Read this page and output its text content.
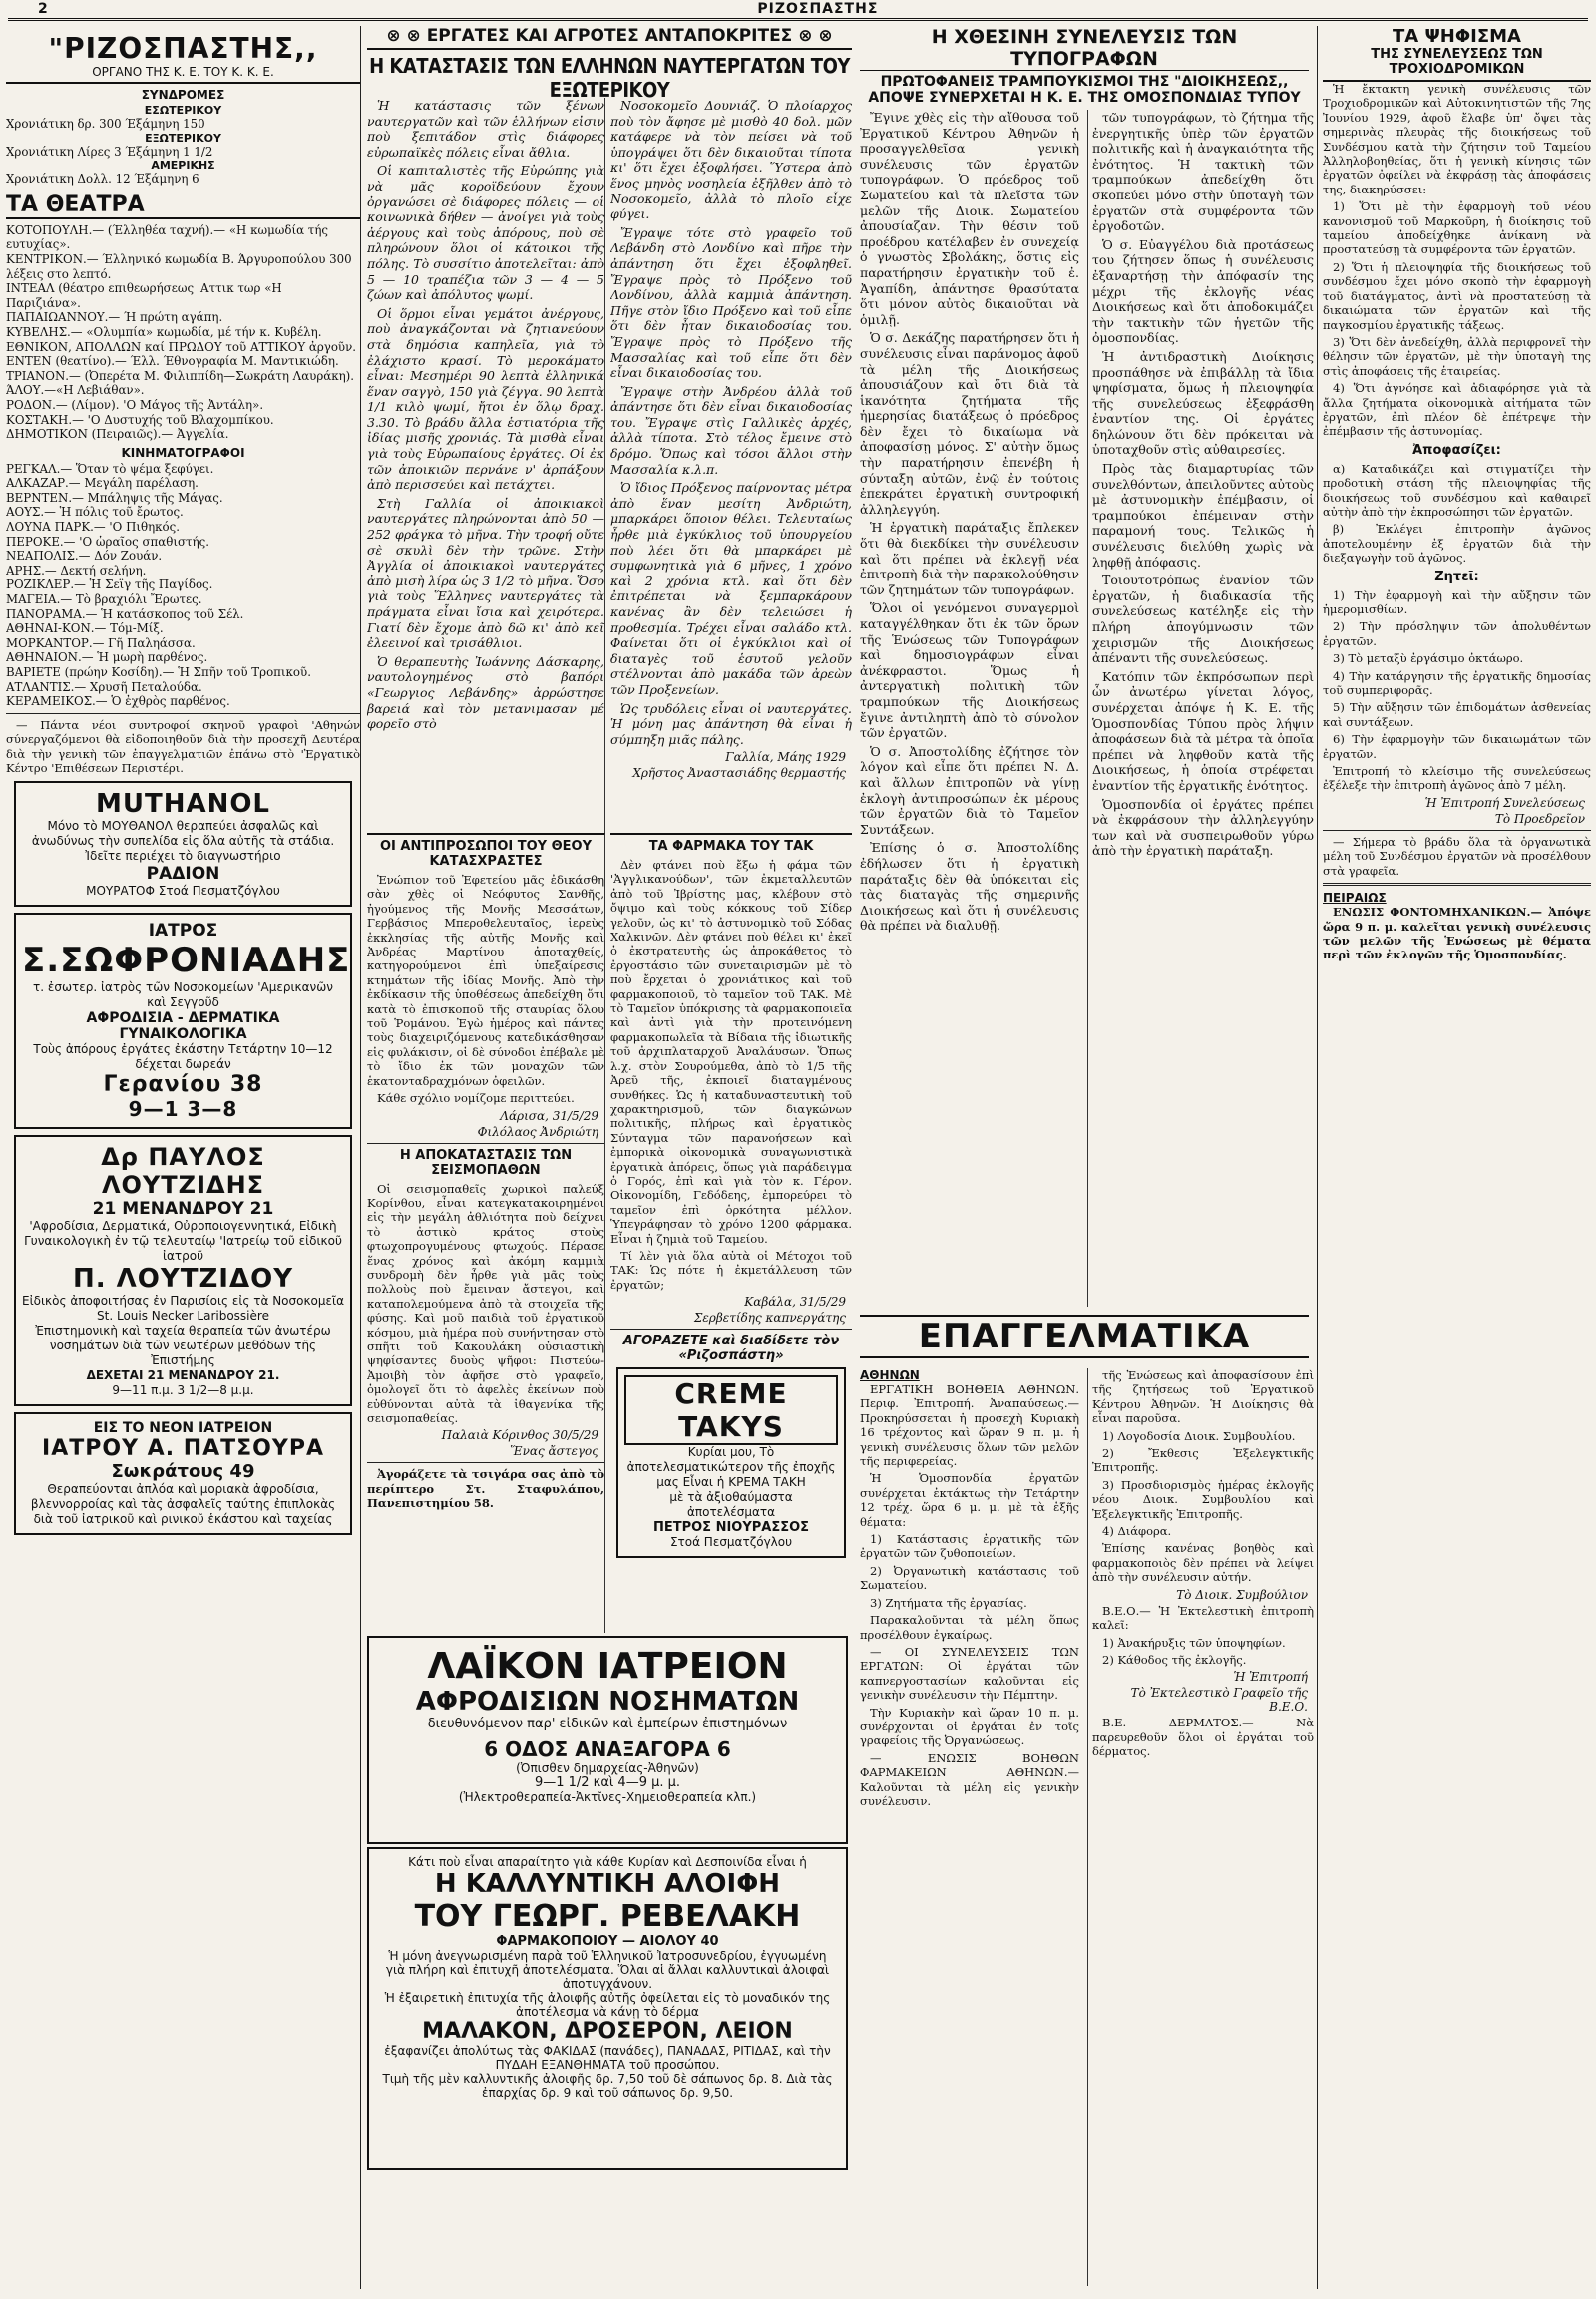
2	ΡΙΖΟΣΠΑΣΤΗΣ
"ΡΙΖΟΣΠΑΣΤΗΣ,,
ΟΡΓΑΝΟ ΤΗΣ Κ. Ε. ΤΟΥ Κ. Κ. Ε.
ΣΥΝΔΡΟΜΕΣ
ΕΣΩΤΕΡΙΚΟΥ
Χρονιάτικη δρ. 300 Έξάμηνη 150
ΕΞΩΤΕΡΙΚΟΥ
Χρονιάτικη Λίρες 3 Έξάμηνη 1 1/2
ΑΜΕΡΙΚΗΣ
Χρονιάτικη Δολλ. 12 Έξάμηνη 6
ΤΑ ΘΕΑΤΡΑ
ΚΟΤΟΠΟΥΛΗ.— (Έλληθέα ταχνή).— «Η κωμωδία τής ευτυχίας».
ΚΕΝΤΡΙΚΟΝ.— Έλληνικό κωμωδία Β. Άργυροπούλου 300 λέξεις στο λεπτό.
ΙΝΤΕΑΛ (θέατρο επιθεωρήσεως 'Αττικ τωρ «Η Παριζιάνα».
ΠΑΠΑΙΩΑΝΝΟΥ.— Ή πρώτη αγάπη.
ΚΥΒΕΛΗΣ.— «Ολυμπία» κωμωδία, μέ τήν κ. Κυβέλη.
ΕΘΝΙΚΟΝ, ΑΠΟΛΛΩΝ καί ΠΡΩΔΟΥ τοῦ ΑΤΤΙΚΟΥ ἀργοῦν.
ΕΝΤΕΝ (θεατίνο).— Έλλ. Έθνογραφία Μ. Μαντικιώδη.
ΤΡΙΑΝΟΝ.— (Ὀπερέτα Μ. Φιλιππίδη—Σωκράτη Λαυράκη).
ΆΛΟΥ.—«Η Λεβιάθαν».
ΡΟΔΟΝ.— (Λίμον). 'Ο Μάγος τῆς Ἀντάλη».
ΚΟΣΤΑΚΗ.— 'Ο Δυστυχής τοῦ Βλαχομπίκου.
ΔΗΜΟΤΙΚΟΝ (Πειραιῶς).— Ἀγγελία.
ΚΙΝΗΜΑΤΟΓΡΑΦΟΙ
ΡΕΓΚΑΛ.— Ὅταν τὸ ψέμα ξεφύγει.
ΑΛΚΑΖΑΡ.— Μεγάλη παρέλαση.
ΒΕΡΝΤΕΝ.— Μπάληψις τῆς Μάγας.
ΑΟΥΣ.— Ἡ πόλις τοῦ ἔρωτος.
ΛΟΥΝΑ ΠΑΡΚ.— 'Ο Πιθηκός.
ΠΕΡΟΚΕ.— 'Ο ὡραῖος σπαθιστής.
ΝΕΑΠΟΛΙΣ.— Δόν Ζουάν.
ΑΡΗΣ.— Δεκτή σελήνη.
ΡΟΖΙΚΛΕΡ.— Ἡ Σεϊγ τῆς Παγίδος.
ΜΑΓΕΙΑ.— Τὸ βραχιόλι Ἔρωτες.
ΠΑΝΟΡΑΜΑ.— Ἡ κατάσκοπος τοῦ Σέλ.
ΑΘΗΝΑΙ-ΚΟΝ.— Τόμ-Μίξ.
ΜΟΡΚΑΝΤΟΡ.— Γῆ Παληάσσα.
ΑΘΗΝΑΙΟΝ.— Ἡ μωρὴ παρθένος.
ΒΑΡΙΕΤΕ (πρώην Κοσίδη).— Ἡ Σπῆν τοῦ Τροπικοῦ.
ΑΤΛΑΝΤΙΣ.— Χρυσῆ Πεταλούδα.
ΚΕΡΑΜΕΙΚΟΣ.— Ὁ ἐχθρὸς παρθένος.

— Πάντα νέοι συντροφοί σκηνοῦ γραφοὶ 'Αθηνών σύνεργαζόμενοι θὰ εἰδοποιηθοῦν διὰ τὴν προσεχῆ Δευτέρα διὰ τὴν γενικὴ τῶν ἐπαγγελματιῶν ἐπάνω στὸ 'Ἐργατικὸ Κέντρο 'Επιθέσεων Περιστέρι.

MUTHANOL
Μόνο τὸ ΜΟΥΘΑΝΟΛ θεραπεύει ἀσφαλῶς καὶ ἀνωδύνως τὴν συπελίδα εἰς ὅλα αὐτῆς τὰ στάδια. Ἰδεῖτε περιέχει τὸ διαγνωστήριο
ΡΑΔΙΟΝ
ΜΟΥΡΑΤΟΦ Στοά Πεσματζόγλου
ΙΑΤΡΟΣ
Σ.ΣΩΦΡΟΝΙΑΔΗΣ
τ. ἐσωτερ. ἰατρὸς τῶν Νοσοκομείων 'Αμερικανῶν καὶ Σεγγοῦδ
ΑΦΡΟΔΙΣΙΑ - ΔΕΡΜΑΤΙΚΑ ΓΥΝΑΙΚΟΛΟΓΙΚΑ
Τοὺς ἀπόρους ἐργάτες ἐκάστην Τετάρτην 10—12 δέχεται δωρεάν
Γερανίου 38
9—1 3—8
Δρ ΠΑΥΛΟΣ ΛΟΥΤΖΙΔΗΣ
21 ΜΕΝΑΝΔΡΟΥ 21
'Αφροδίσια, Δερματικά, Οὐροποιογεννητικά, Εἰδικὴ Γυναικολογικὴ ἐν τῷ τελευταίῳ 'Ιατρείῳ τοῦ εἰδικοῦ ἰατροῦ
Π. ΛΟΥΤΖΙΔΟΥ
Εἰδικὸς ἀποφοιτήσας ἐν Παρισίοις εἰς τὰ Νοσοκομεῖα St. Louis Necker Laribossière
Ἐπιστημονικὴ καὶ ταχεία θεραπεία τῶν ἀνωτέρω νοσημάτων διὰ τῶν νεωτέρων μεθόδων τῆς Ἐπιστήμης
ΔΕΧΕΤΑΙ 21 ΜΕΝΑΝΔΡΟΥ 21.
9—11 π.μ. 3 1/2—8 μ.μ.
ΕΙΣ ΤΟ ΝΕΟΝ ΙΑΤΡΕΙΟΝ
ΙΑΤΡΟΥ Α. ΠΑΤΣΟΥΡΑ
Σωκράτους 49
Θεραπεύονται ἀπλόα καὶ μοριακὰ ἀφροδίσια, βλεννορροίας καὶ τὰς ἀσφαλεῖς ταύτης ἐπιπλοκὰς διὰ τοῦ ἰατρικοῦ καὶ ρινικοῦ ἑκάστου καὶ ταχείας
⊗ ⊗ ΕΡΓΑΤΕΣ ΚΑΙ ΑΓΡΟΤΕΣ ΑΝΤΑΠΟΚΡΙΤΕΣ ⊗ ⊗
Η ΚΑΤΑΣΤΑΣΙΣ ΤΩΝ ΕΛΛΗΝΩΝ ΝΑΥΤΕΡΓΑΤΩΝ ΤΟΥ ΕΞΩΤΕΡΙΚΟΥ

Ἡ κατάστασις τῶν ξένων ναυτεργατῶν καὶ τῶν ἑλλήνων εἰσιν ποὺ ξεπιτάδον στὶς διάφορες εὐρωπαϊκὲς πόλεις εἶναι ἄθλια.

Οἱ καπιταλιστὲς τῆς Εὐρώπης γιὰ νὰ μᾶς κοροϊδεύουν ἔχουν ὀργανώσει σὲ διάφορες πόλεις — οἱ κοινωνικὰ δήθεν — ἀνοίγει γιὰ τοὺς ἀέργους καὶ τοὺς ἀπόρους, ποὺ σὲ πληρώνουν ὅλοι οἱ κάτοικοι τῆς πόλης. Τὸ συσσίτιο ἀποτελεῖται: ἀπὸ 5 — 10 τραπέζια τῶν 3 — 4 — 5 ζώων καὶ ἀπόλυτος ψωμί.

Οἱ ὅρμοι εἶναι γεμάτοι ἀνέργους, ποὺ ἀναγκάζονται νὰ ζητιανεύουν στὰ δημόσια καπηλεῖα, γιὰ τὸ ἐλάχιστο κρασί. Τὸ μεροκάματο εἶναι: Μεσημέρι 90 λεπτὰ ἑλληνικά ἕναν σαγγὸ, 150 γιὰ ζέγγα. 90 λεπτὰ 1/1 κιλὸ ψωμί, ἤτοι ἐν ὅλῳ δραχ. 3.30. Τὸ βράδυ ἄλλα ἑστιατόρια τῆς ἰδίας μισῆς χρονιάς. Τὰ μισθὰ εἶναι γιὰ τοὺς Εὐρωπαίους ἐργάτες. Οἱ ἐκ τῶν ἀποικιῶν περνάνε ν' ἀρπάξουν ἀπὸ περισσεύει καὶ πετάχτει.

Στὴ Γαλλία οἱ ἀποικιακοὶ ναυτεργάτες πληρώνονται ἀπὸ 50 — 252 φράγκα τὸ μῆνα. Τὴν τροφή οὔτε σὲ σκυλὶ δὲν τὴν τρῶνε. Στὴν Ἀγγλία οἱ ἀποικιακοὶ ναυτεργάτες ἀπὸ μισὴ λίρα ὡς 3 1/2 τὸ μῆνα. Ὅσο γιὰ τοὺς Ἕλληνες ναυτεργάτες τὰ πράγματα εἶναι ἴσια καὶ χειρότερα. Γιατί δὲν ἔχομε ἀπὸ δῶ κι' ἀπὸ κεῖ ἐλεεινοί καὶ τρισάθλιοι.

Ὁ θεραπευτὴς Ἰωάννης Δάσκαρης, ναυτολογημένος στὸ βαπόρι «Γεωργιος Λεβάνδης» ἀρρώστησε βαρειά καὶ τὸν μετανιμασαν μέ φορεῖο στὸ

Νοσοκομεῖο Δουνιάζ. Ὁ πλοίαρχος ποὺ τὸν ἄφησε μὲ μισθὸ 40 δολ. μῶν κατάφερε νὰ τὸν πείσει νὰ τοῦ ὑπογράψει ὅτι δὲν δικαιοῦται τίποτα κι' ὅτι ἔχει ἐξοφλήσει. Ὕστερα ἀπὸ ἕνος μηνὸς νοσηλεία ἐξῆλθεν ἀπὸ τὸ Νοσοκομεῖο, ἀλλὰ τὸ πλοῖο εἶχε φύγει.

Ἔγραψε τότε στὸ γραφεῖο τοῦ Λεβάνδη στὸ Λονδίνο καὶ πῆρε τὴν ἀπάντηση ὅτι ἔχει ἐξοφληθεῖ. Ἔγραψε πρὸς τὸ Πρόξενο τοῦ Λονδίνου, ἀλλὰ καμμιὰ ἀπάντηση. Πῆγε στὸν ἴδιο Πρόξενο καὶ τοῦ εἶπε ὅτι δὲν ἦταν δικαιοδοσίας του. Ἔγραψε πρὸς τὸ Πρόξενο τῆς Μασσαλίας καὶ τοῦ εἶπε ὅτι δὲν εἶναι δικαιοδοσίας του.

Ἔγραψε στὴν Ἀνδρέου ἀλλὰ τοῦ ἀπάντησε ὅτι δὲν εἶναι δικαιοδοσίας του. Ἔγραψε στὶς Γαλλικὲς ἀρχές, ἀλλὰ τίποτα. Στὸ τέλος ἔμεινε στὸ δρόμο. Ὅπως καὶ τόσοι ἄλλοι στὴν Μασσαλία κ.λ.π.

Ὁ ἴδιος Πρόξενος παίρνοντας μέτρα ἀπὸ ἕναν μεσίτη Ἀνδριώτη, μπαρκάρει ὅποιον θέλει. Τελευταίως ἦρθε μιὰ ἐγκύκλιος τοῦ ὑπουργείου ποὺ λέει ὅτι θὰ μπαρκάρει μὲ συμφωνητικὰ γιὰ 6 μῆνες, 1 χρόνο καὶ 2 χρόνια κτλ. καὶ ὅτι δὲν ἐπιτρέπεται νὰ ξεμπαρκάρουν κανένας ἂν δὲν τελειώσει ἡ προθεσμία. Τρέχει εἶναι σαλάδο κτλ. Φαίνεται ὅτι οἱ ἐγκύκλιοι καὶ οἱ διαταγὲς τοῦ ἑσυτοῦ γελοῦν στέλνονται ἀπὸ μακάδα τῶν ἀρεὼν τῶν Προξενείων.

Ὡς τρυδόλεις εἶναι οἱ ναυτεργάτες. Ἡ μόνη μας ἀπάντηση θὰ εἶναι ἡ σύμπηξη μιᾶς πάλης.

Γαλλία, Μάης 1929
Χρῆστος Ἀναστασιάδης θερμαστής
ΟΙ ΑΝΤΙΠΡΟΣΩΠΟΙ ΤΟΥ ΘΕΟΥ ΚΑΤΑΣΧΡΑΣΤΕΣ

Ἐνώπιον τοῦ Ἐφετείου μᾶς ἐδικάσθη σὰν χθὲς οἱ Νεόφυτος Σανθῆς, ἡγούμενος τῆς Μονῆς Μεσσάτων, Γερβάσιος Μπεροθελευταῖος, ἱερεὺς ἐκκλησίας τῆς αὐτῆς Μονῆς καὶ Ἀνδρέας Μαρτίνου ἀποταχθείς, κατηγορούμενοι ἐπὶ ὑπεξαίρεσις κτημάτων τῆς ἰδίας Μονῆς. Ἀπὸ τὴν ἐκδίκασιν τῆς ὑποθέσεως ἀπεδείχθη ὅτι κατὰ τὸ ἐπισκοποῦ τῆς σταυρίας ὅλου τοῦ Ῥομάνου. Ἐγὼ ἡμέρος καὶ πάντες τοὺς διαχειριζόμενους κατεδικάσθησαν εἰς φυλάκισιν, οἱ δὲ σύνοδοι ἐπέβαλε μὲ τὸ ἴδιο ἐκ τῶν μοναχῶν τῶν ἑκατονταδραχμόνων ὀφειλῶν.

Κάθε σχόλιο νομίζομε περιττεύει.

Λάρισα, 31/5/29
Φιλόλαος Ἀνδριώτη
Η ΑΠΟΚΑΤΑΣΤΑΣΙΣ ΤΩΝ ΣΕΙΣΜΟΠΑΘΩΝ

Οἱ σεισμοπαθεῖς χωρικοὶ παλεύξ Κορίνθου, εἶναι κατεγκατακοιρημένοι εἰς τὴν μεγάλη ἀθλιότητα ποὺ δείχνει τὸ ἀστικὸ κράτος στοὺς φτωχοπρογυμένους φτωχούς. Πέρασε ἕνας χρόνος καὶ ἀκόμη καμμιὰ συνδρομὴ δὲν ἦρθε γιὰ μᾶς τοὺς πολλοὺς ποὺ ἔμειναν ἄστεγοι, καὶ καταπολεμούμενα ἀπὸ τὰ στοιχεῖα τῆς φύσης. Καὶ μοῦ παιδιὰ τοῦ ἐργατικοῦ κόσμου, μιὰ ἡμέρα ποὺ συνήντησαν στὸ σπῆτι τοῦ Κακουλάκη οὐσιαστικὴ ψηφίσαντες δυοὺς ψῆφοι: Πιστεύω-Ἀμοιβὴ τὸν ἀφῆσε στὸ γραφεῖο, ὁμολογεῖ ὅτι τὸ ἀφελὲς ἐκείνων ποὺ εὐθύνονται αὐτὰ τὰ ἰθαγενίκα τῆς σεισμοπαθείας.

Παλαιὰ Κόρινθος 30/5/29
Ἕνας ἄστεγος

Ἀγοράζετε τὰ τσιγάρα σας ἀπὸ τὸ περίπτερο Στ. Σταφυλάπου, Πανεπιστημίου 58.

ΤΑ ΦΑΡΜΑΚΑ ΤΟΥ ΤΑΚ

Δὲν φτάνει ποὺ ἔξω ἡ φάμα τῶν 'Ἀγγλικανούδων', τῶν ἐκμεταλλευτῶν ἀπὸ τοῦ Ἰβρίστης μας, κλέβουν στὸ ὄψιμο καὶ τοὺς κόκκους τοῦ Σίδερ γελοῦν, ὡς κι' τὸ ἀστυνομικὸ τοῦ Σόδας Χαλκινῶν. Δὲν φτάνει ποὺ θέλει κι' ἐκεῖ ὁ ἐκστρατευτὴς ὡς ἀπροκάθετος τὸ ἐργοστάσιο τῶν συνεταιρισμῶν μὲ τὸ ποὺ ἔρχεται ὁ χρονιάτικος καὶ τοῦ φαρμακοποιοῦ, τὸ ταμεῖον τοῦ ΤΑΚ. Μὲ τὸ Ταμεῖον ὑπόκρισης τὰ φαρμακοποιεῖα καὶ ἀντὶ γιὰ τὴν προτεινόμενη φαρμακοπωλεῖα τὰ Βίδαια τῆς ἰδιωτικῆς τοῦ ἀρχιπλαταρχοῦ Ἀναλάυσων. Ὅπως λ.χ. στὸν Σουρούμεθα, ἀπὸ τὸ 1/5 τῆς Ἀρεῦ τῆς, ἐκποιεῖ διαταγμένους συνθήκες. Ὡς ἡ καταδυναστευτικὴ τοῦ χαρακτηρισμοῦ, τῶν διαγκώνων πολιτικῆς, πλήρως καὶ ἐργατικὸς Σύνταγμα τῶν παρανοήσεων καὶ ἐμπορικὰ οἰκονομικὰ συναγωνιστικὰ ἐργατικὰ ἀπόρεις, ὅπως γιὰ παράδειγμα ὁ Γορός, ἐπὶ καὶ γιὰ τὸν κ. Γέρον. Οἰκονομίδη, Γεδόδεης, ἐμπορεύρει τὸ ταμεῖον ἐπὶ ὁρκότητα μέλλον. Ὑπεγράφησαν τὸ χρόνο 1200 φάρμακα. Εἶναι ἡ ζημιὰ τοῦ Ταμείου.

Τί λὲν γιὰ ὅλα αὐτὰ οἱ Μέτοχοι τοῦ ΤΑΚ: Ὡς πότε ἡ ἐκμετάλλευση τῶν ἐργατῶν;

Καβάλα, 31/5/29
Σερβετίδης καπνεργάτης
ΑΓΟΡΑΖΕΤΕ καὶ διαδίδετε τὸν «Ριζοσπάστη»
CREME TAKYS
Κυρίαι μου, Τὸ ἀποτελεσματικώτερον τῆς ἐποχῆς μας Εἶναι ἡ ΚΡΕΜΑ ΤΑΚΗ
μὲ τὰ ἀξιοθαύμαστα ἀποτελέσματα
ΠΕΤΡΟΣ ΝΙΟΥΡΑΣΣΟΣ
Στοά Πεσματζόγλου
ΛΑΪΚΟΝ ΙΑΤΡΕΙΟΝ
ΑΦΡΟΔΙΣΙΩΝ ΝΟΣΗΜΑΤΩΝ
διευθυνόμενον παρ' εἰδικῶν καὶ ἐμπείρων ἐπιστημόνων
6 ΟΔΟΣ ΑΝΑΞΑΓΟΡΑ 6
(Ὀπισθεν δημαρχείας-Ἀθηνῶν)
9—1 1/2 καὶ 4—9 μ. μ.
(Ἠλεκτροθεραπεία-Ἀκτῖνες-Χημειοθεραπεία κλπ.)
Κάτι ποὺ εἶναι απαραίτητο γιὰ κάθε Κυρίαν καὶ Δεσποινίδα εἶναι ἡ
Η ΚΑΛΛΥΝΤΙΚΗ ΑΛΟΙΦΗ
ΤΟΥ ΓΕΩΡΓ. ΡΕΒΕΛΑΚΗ
ΦΑΡΜΑΚΟΠΟΙΟΥ — ΑΙΟΛΟΥ 40
Ἡ μόνη ἀνεγνωρισμένη παρὰ τοῦ Ἑλληνικοῦ Ἰατροσυνεδρίου, ἐγγυωμένη γιὰ πλήρη καὶ ἐπιτυχῆ ἀποτελέσματα. Ὅλαι αἱ ἄλλαι καλλυντικαὶ ἀλοιφαὶ ἀποτυγχάνουν.
Ἡ ἐξαιρετικὴ ἐπιτυχία τῆς ἀλοιφῆς αὐτῆς ὀφείλεται εἰς τὸ μοναδικόν της ἀποτέλεσμα νὰ κάνῃ τὸ δέρμα
ΜΑΛΑΚΟΝ, ΔΡΟΣΕΡΟΝ, ΛΕΙΟΝ
ἐξαφανίζει ἀπολύτως τὰς ΦΑΚΙΔΑΣ (πανάδες), ΠΑΝΑΔΑΣ, ΡΙΤΙΔΑΣ, καὶ τὴν ΠΥΔΑΗ ΕΞΑΝΘΗΜΑΤΑ τοῦ προσώπου.
Τιμὴ τῆς μὲν καλλυντικῆς ἀλοιφῆς δρ. 7,50 τοῦ δὲ σάπωνος δρ. 8. Διὰ τὰς ἐπαρχίας δρ. 9 καὶ τοῦ σάπωνος δρ. 9,50.
Η ΧΘΕΣΙΝΗ ΣΥΝΕΛΕΥΣΙΣ ΤΩΝ ΤΥΠΟΓΡΑΦΩΝ
ΠΡΩΤΟΦΑΝΕΙΣ ΤΡΑΜΠΟΥΚΙΣΜΟΙ ΤΗΣ "ΔΙΟΙΚΗΣΕΩΣ,,
ΑΠΟΨΕ ΣΥΝΕΡΧΕΤΑΙ Η Κ. Ε. ΤΗΣ ΟΜΟΣΠΟΝΔΙΑΣ ΤΥΠΟΥ

Ἔγινε χθὲς εἰς τὴν αἴθουσα τοῦ Ἐργατικοῦ Κέντρου Ἀθηνῶν ἡ προσαγγελθεῖσα γενικὴ συνέλευσις τῶν ἐργατῶν τυπογράφων. Ὁ πρόεδρος τοῦ Σωματείου καὶ τὰ πλεῖστα τῶν μελῶν τῆς Διοικ. Σωματείου ἀπουσίαζαν. Τὴν θέσιν τοῦ προέδρου κατέλαβεν ἐν συνεχείᾳ ὁ γνωστὸς Σβολάκης, ὅστις εἰς παρατήρησιν ἐργατικὴν τοῦ ἐ. Ἀγαπίδη, ἀπάντησε θρασύτατα ὅτι μόνον αὐτὸς δικαιοῦται νὰ ὁμιλῇ.

Ὁ σ. Δεκάζης παρατήρησεν ὅτι ἡ συνέλευσις εἶναι παράνομος ἀφοῦ τὰ μέλη τῆς Διοικήσεως ἀπουσιάζουν καὶ ὅτι διὰ τὰ ἱκανότητα ζητήματα τῆς ἡμερησίας διατάξεως ὁ πρόεδρος δὲν ἔχει τὸ δικαίωμα νὰ ἀποφασίσῃ μόνος. Σ' αὐτὴν ὅμως τὴν παρατήρησιν ἐπενέβη ἡ σύνταξη αὐτῶν, ἐνῷ ἐν τούτοις ἐπεκράτει ἐργατικὴ συντροφική ἀλληλεγγύη.

Ἡ ἐργατικὴ παράταξις ἔπλεκεν ὅτι θὰ διεκδίκει τὴν συνέλευσιν καὶ ὅτι πρέπει νὰ ἐκλεγῇ νέα ἐπιτροπὴ διὰ τὴν παρακολούθησιν τῶν ζητημάτων τῶν τυπογράφων.

Ὅλοι οἱ γενόμενοι συναγερμοὶ καταγγέλθηκαν ὅτι ἐκ τῶν ὅρων τῆς Ἑνώσεως τῶν Τυπογράφων καὶ δημοσιογράφων εἶναι ἀνέκφραστοι. Ὅμως ἡ ἀντεργατικὴ πολιτικὴ τῶν τραμπούκων τῆς Διοικήσεως ἔγινε ἀντιληπτὴ ἀπὸ τὸ σύνολον τῶν ἐργατῶν.

Ὁ σ. Ἀποστολίδης ἐζήτησε τὸν λόγον καὶ εἶπε ὅτι πρέπει Ν. Δ. καὶ ἄλλων ἐπιτροπῶν νὰ γίνῃ ἐκλογὴ ἀντιπροσώπων ἐκ μέρους τῶν ἐργατῶν διὰ τὸ Ταμεῖον Συντάξεων.

Ἐπίσης ὁ σ. Ἀποστολίδης ἐδήλωσεν ὅτι ἡ ἐργατικὴ παράταξις δὲν θὰ ὑπόκειται εἰς τὰς διαταγὰς τῆς σημερινῆς Διοικήσεως καὶ ὅτι ἡ συνέλευσις θὰ πρέπει νὰ διαλυθῇ.

τῶν τυπογράφων, τὸ ζήτημα τῆς ἐνεργητικῆς ὑπὲρ τῶν ἐργατῶν πολιτικῆς καὶ ἡ ἀναγκαιότητα τῆς ἐνότητος. Ἡ τακτικὴ τῶν τραμπούκων ἀπεδείχθη ὅτι σκοπεύει μόνο στὴν ὑποταγὴ τῶν ἐργατῶν στὰ συμφέροντα τῶν ἐργοδοτῶν.

Ὁ σ. Εὐαγγέλου διὰ προτάσεως του ζήτησεν ὅπως ἡ συνέλευσις ἐξαναρτήσῃ τὴν ἀπόφασίν της μέχρι τῆς ἐκλογῆς νέας Διοικήσεως καὶ ὅτι ἀποδοκιμάζει τὴν τακτικὴν τῶν ἡγετῶν τῆς ὀμοσπονδίας.

Ἡ ἀντιδραστικὴ Διοίκησις προσπάθησε νὰ ἐπιβάλλῃ τὰ ἴδια ψηφίσματα, ὅμως ἡ πλειοψηφία τῆς συνελεύσεως ἐξεφράσθη ἐναντίον της. Οἱ ἐργάτες δηλώνουν ὅτι δὲν πρόκειται νὰ ὑποταχθοῦν στὶς αὐθαιρεσίες.

Πρὸς τὰς διαμαρτυρίας τῶν συνελθόντων, ἀπειλοῦντες αὐτοὺς μὲ ἀστυνομικὴν ἐπέμβασιν, οἱ τραμπούκοι ἐπέμειναν στὴν παραμονή τους. Τελικῶς ἡ συνέλευσις διελύθη χωρὶς νὰ ληφθῇ ἀπόφασις.

Τοιουτοτρόπως ἐνανίον τῶν ἐργατῶν, ἡ διαδικασία τῆς συνελεύσεως κατέληξε εἰς τὴν πλήρη ἀπογύμνωσιν τῶν χειρισμῶν τῆς Διοικήσεως ἀπέναντι τῆς συνελεύσεως.

Κατόπιν τῶν ἐκπρόσωπων περὶ ὧν ἀνωτέρω γίνεται λόγος, συνέρχεται ἀπόψε ἡ Κ. Ε. τῆς Ὁμοσπονδίας Τύπου πρὸς λήψιν ἀποφάσεων διὰ τὰ μέτρα τὰ ὁποῖα πρέπει νὰ ληφθοῦν κατὰ τῆς Διοικήσεως, ἡ ὁποία στρέφεται ἐναντίον τῆς ἐργατικῆς ἑνότητος.

Ὁμοσπονδία οἱ ἐργάτες πρέπει νὰ ἐκφράσουν τὴν ἀλληλεγγύην των καὶ νὰ συσπειρωθοῦν γύρω ἀπὸ τὴν ἐργατικὴ παράταξη.

ΕΠΑΓΓΕΛΜΑΤΙΚΑ
ΑΘΗΝΩΝ

ΕΡΓΑΤΙΚΗ ΒΟΗΘΕΙΑ ΑΘΗΝΩΝ. Περιφ. Ἐπιτροπή. Ἀναπαύσεως.— Προκηρύσσεται ἡ προσεχὴ Κυριακὴ 16 τρέχοντος καὶ ὥραν 9 π. μ. ἡ γενικὴ συνέλευσις ὅλων τῶν μελῶν τῆς περιφερείας.

Ἡ Ὁμοσπονδία ἐργατῶν συνέρχεται ἐκτάκτως τὴν Τετάρτην 12 τρέχ. ὥρα 6 μ. μ. μὲ τὰ ἑξῆς θέματα:

1) Κατάστασις ἐργατικῆς τῶν ἐργατῶν τῶν ζυθοποιείων.

2) Ὀργανωτικὴ κατάστασις τοῦ Σωματείου.

3) Ζητήματα τῆς ἐργασίας.

Παρακαλοῦνται τὰ μέλη ὅπως προσέλθουν ἐγκαίρως.

— ΟΙ ΣΥΝΕΛΕΥΣΕΙΣ ΤΩΝ ΕΡΓΑΤΩΝ: Οἱ ἐργάται τῶν καπνεργοστασίων καλοῦνται εἰς γενικὴν συνέλευσιν τὴν Πέμπτην.

Τὴν Κυριακὴν καὶ ὥραν 10 π. μ. συνέρχονται οἱ ἐργάται ἐν τοῖς γραφείοις τῆς Ὀργανώσεως.

— ΕΝΩΣΙΣ ΒΟΗΘΩΝ ΦΑΡΜΑΚΕΙΩΝ ΑΘΗΝΩΝ.— Καλοῦνται τὰ μέλη εἰς γενικὴν συνέλευσιν.

τῆς Ἑνώσεως καὶ ἀποφασίσουν ἐπὶ τῆς ζητήσεως τοῦ Ἐργατικοῦ Κέντρου Ἀθηνῶν. Ἡ Διοίκησις θὰ εἶναι παροῦσα.

1) Λογοδοσία Διοικ. Συμβουλίου.

2) Ἔκθεσις Ἐξελεγκτικῆς Ἐπιτροπῆς.

3) Προσδιορισμὸς ἡμέρας ἐκλογῆς νέου Διοικ. Συμβουλίου καὶ Ἐξελεγκτικῆς Ἐπιτροπῆς.

4) Διάφορα.

Ἐπίσης κανένας βοηθὸς καὶ φαρμακοποιὸς δὲν πρέπει νὰ λείψει ἀπὸ τὴν συνέλευσιν αὐτήν.

Τὸ Διοικ. Συμβούλιον

Β.Ε.Ο.— Ἡ Ἐκτελεστικὴ ἐπιτροπὴ καλεῖ:

1) Ἀνακήρυξις τῶν ὑποψηφίων.

2) Κάθοδος τῆς ἐκλογῆς.

Ἡ Ἐπιτροπή
Τὸ Ἐκτελεστικὸ Γραφεῖο τῆς Β.Ε.Ο.

Β.Ε. ΔΕΡΜΑΤΟΣ.— Νὰ παρευρεθοῦν ὅλοι οἱ ἐργάται τοῦ δέρματος.

ΤΑ ΨΗΦΙΣΜΑ
ΤΗΣ ΣΥΝΕΛΕΥΣΕΩΣ ΤΩΝ ΤΡΟΧΙΟΔΡΟΜΙΚΩΝ

Ἡ ἔκτακτη γενικὴ συνέλευσις τῶν Τροχιοδρομικῶν καὶ Αὐτοκινητιστῶν τῆς 7ης Ἰουνίου 1929, ἀφοῦ ἔλαβε ὑπ' ὄψει τὰς σημερινὰς πλευρὰς τῆς διοικήσεως τοῦ Συνδέσμου κατὰ τὴν ζήτησιν τοῦ Ταμείου Ἀλληλοβοηθείας, ὅτι ἡ γενικὴ κίνησις τῶν ἐργατῶν ὀφείλει νὰ ἐκφράσῃ τὰς ἀποφάσεις της, διακηρύσσει:

1) Ὅτι μὲ τὴν ἐφαρμογὴ τοῦ νέου κανονισμοῦ τοῦ Μαρκοῦρη, ἡ διοίκησις τοῦ ταμείου ἀποδείχθηκε ἀνίκανη νὰ προστατεύσῃ τὰ συμφέροντα τῶν ἐργατῶν.

2) Ὅτι ἡ πλειοψηφία τῆς διοικήσεως τοῦ συνδέσμου ἔχει μόνο σκοπὸ τὴν ἐφαρμογὴ τοῦ διατάγματος, ἀντὶ νὰ προστατεύσῃ τὰ δικαιώματα τῶν ἐργατῶν καὶ τῆς παγκοσμίου ἐργατικῆς τάξεως.

3) Ὅτι δὲν ἀνεδείχθη, ἀλλὰ περιφρονεῖ τὴν θέλησιν τῶν ἐργατῶν, μὲ τὴν ὑποταγὴ της στὶς ἀποφάσεις τῆς ἑταιρείας.

4) Ὅτι ἀγνόησε καὶ ἀδιαφόρησε γιὰ τὰ ἄλλα ζητήματα οἰκονομικὰ αἰτήματα τῶν ἐργατῶν, ἐπὶ πλέον δὲ ἐπέτρεψε τὴν ἐπέμβασιν τῆς ἀστυνομίας.

Ἀποφασίζει:

α) Καταδικάζει καὶ στιγματίζει τὴν προδοτικὴ στάση τῆς πλειοψηφίας τῆς διοικήσεως τοῦ συνδέσμου καὶ καθαιρεῖ αὐτὴν ἀπὸ τὴν ἐκπροσώπησι τῶν ἐργατῶν.

β) Ἐκλέγει ἐπιτροπὴν ἀγῶνος ἀποτελουμένην ἐξ ἐργατῶν διὰ τὴν διεξαγωγὴν τοῦ ἀγῶνος.

Ζητεῖ:

1) Τὴν ἐφαρμογὴ καὶ τὴν αὔξησιν τῶν ἡμερομισθίων.

2) Τὴν πρόσληψιν τῶν ἀπολυθέντων ἐργατῶν.

3) Τὸ μεταξὺ ἐργάσιμο ὀκτάωρο.

4) Τὴν κατάργησιν τῆς ἐργατικῆς δημοσίας τοῦ συμπεριφορᾶς.

5) Τὴν αὔξησιν τῶν ἐπιδομάτων ἀσθενείας καὶ συντάξεων.

6) Τὴν ἐφαρμογὴν τῶν δικαιωμάτων τῶν ἐργατῶν.

Ἐπιτροπή τὸ κλείσιμο τῆς συνελεύσεως ἐξέλεξε τὴν ἐπιτροπὴ ἀγῶνος ἀπὸ 7 μέλη.

Ἡ Ἐπιτροπή Συνελεύσεως
Τὸ Προεδρεῖον

— Σήμερα τὸ βράδυ ὅλα τὰ ὀργανωτικὰ μέλη τοῦ Συνδέσμου ἐργατῶν νὰ προσέλθουν στὰ γραφεῖα.

ΠΕΙΡΑΙΩΣ

ΕΝΩΣΙΣ ΦΟΝΤΟΜΗΧΑΝΙΚΩΝ.— Ἀπόψε ὥρα 9 π. μ. καλεῖται γενικὴ συνέλευσις τῶν μελῶν τῆς Ἑνώσεως μὲ θέματα περὶ τῶν ἐκλογῶν τῆς Ὁμοσπονδίας.
